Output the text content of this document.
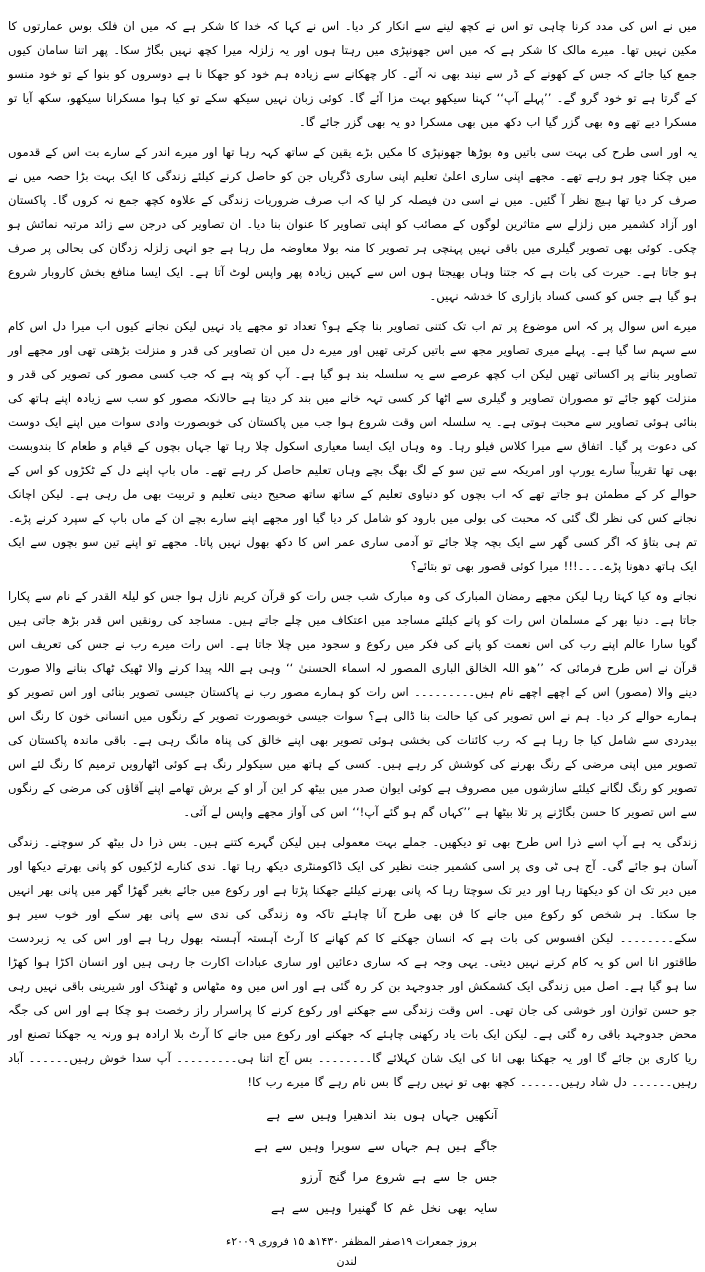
میں نے اس کی مدد کرنا چاہی تو اس نے کچھ لینے سے انکار کر دیا۔ اس نے کہا کہ خدا کا شکر ہے کہ میں ان فلک بوس عمارتوں کا مکین نہیں تھا۔ میرے مالک کا شکر ہے کہ میں اس جھونپڑی میں رہتا ہوں اور یہ زلزلہ میرا کچھ نہیں بگاڑ سکا۔ پھر اتنا سامان کیوں جمع کیا جائے کہ جس کے کھونے کے ڈر سے نیند بھی نہ آئے۔ کار چھکانے سے زیادہ ہم خود کو جھکا نا ہے دوسروں کو بنوا کے تو خود منسو کے گرتا ہے تو خود گرو گے۔ ’’پہلے آپ‘‘ کہنا سیکھو بہت مزا آئے گا۔ کوئی زبان نہیں سیکھ سکے تو کیا ہوا مسکرانا سیکھو، سکھ آیا تو مسکرا دیے تھے وہ بھی گزر گیا اب دکھ میں بھی مسکرا دو یہ بھی گزر جائے گا۔

یہ اور اسی طرح کی بہت سی باتیں وہ بوڑھا جھونپڑی کا مکیں بڑے یقین کے ساتھ کہہ رہا تھا اور میرے اندر کے سارے بت اس کے قدموں میں چکنا چور ہو رہے تھے۔ مجھے اپنی ساری اعلیٰ تعلیم اپنی ساری ڈگریاں جن کو حاصل کرنے کیلئے زندگی کا ایک بہت بڑا حصہ میں نے صرف کر دیا تھا ہیچ نظر آ گئیں۔ میں نے اسی دن فیصلہ کر لیا کہ اب صرف ضروریات زندگی کے علاوہ کچھ جمع نہ کروں گا۔ پاکستان اور آزاد کشمیر میں زلزلے سے متاثرین لوگوں کے مصائب کو اپنی تصاویر کا عنوان بنا دیا۔ ان تصاویر کی درجن سے زائد مرتبہ نمائش ہو چکی۔ کوئی بھی تصویر گیلری میں باقی نہیں پہنچی ہر تصویر کا منہ بولا معاوضہ مل رہا ہے جو انہی زلزلہ زدگان کی بحالی پر صرف ہو جاتا ہے۔ حیرت کی بات ہے کہ جتنا وہاں بھیجتا ہوں اس سے کہیں زیادہ پھر واپس لوٹ آتا ہے۔ ایک ایسا منافع بخش کاروبار شروع ہو گیا ہے جس کو کسی کساد بازاری کا خدشہ نہیں۔

میرے اس سوال پر کہ اس موضوع پر تم اب تک کتنی تصاویر بنا چکے ہو؟ تعداد تو مجھے یاد نہیں لیکن نجانے کیوں اب میرا دل اس کام سے سہم سا گیا ہے۔ پہلے میری تصاویر مجھ سے باتیں کرتی تھیں اور میرے دل میں ان تصاویر کی قدر و منزلت بڑھتی تھی اور مجھے اور تصاویر بنانے پر اکساتی تھیں لیکن اب کچھ عرصے سے یہ سلسلہ بند ہو گیا ہے۔ آپ کو پتہ ہے کہ جب کسی مصور کی تصویر کی قدر و منزلت کھو جائے تو مصوران تصاویر و گیلری سے اٹھا کر کسی تہہ خانے میں بند کر دیتا ہے حالانکہ مصور کو سب سے زیادہ اپنے ہاتھ کی بنائی ہوئی تصاویر سے محبت ہوتی ہے۔ یہ سلسلہ اس وقت شروع ہوا جب میں پاکستان کی خوبصورت وادی سوات میں اپنے ایک دوست کی دعوت پر گیا۔ اتفاق سے میرا کلاس فیلو رہا۔ وہ وہاں ایک ایسا معیاری اسکول چلا رہا تھا جہاں بچوں کے قیام و طعام کا بندوبست بھی تھا تقریباً سارے یورپ اور امریکہ سے تین سو کے لگ بھگ بچے وہاں تعلیم حاصل کر رہے تھے۔ ماں باپ اپنے دل کے ٹکڑوں کو اس کے حوالے کر کے مطمئن ہو جاتے تھے کہ اب بچوں کو دنیاوی تعلیم کے ساتھ ساتھ صحیح دینی تعلیم و تربیت بھی مل رہی ہے۔ لیکن اچانک نجانے کس کی نظر لگ گئی کہ محبت کی بولی میں بارود کو شامل کر دیا گیا اور مجھے اپنے سارے بچے ان کے ماں باپ کے سپرد کرنے پڑے۔ تم ہی بتاؤ کہ اگر کسی گھر سے ایک بچہ چلا جائے تو آدمی ساری عمر اس کا دکھ بھول نہیں پاتا۔ مجھے تو اپنے تین سو بچوں سے ایک ایک ہاتھ دھونا پڑے۔۔۔۔!!! میرا کوئی قصور بھی تو بتائے؟

نجانے وہ کیا کہتا رہا لیکن مجھے رمضان المبارک کی وہ مبارک شب جس رات کو قرآن کریم نازل ہوا جس کو لیلۃ القدر کے نام سے پکارا جاتا ہے۔ دنیا بھر کے مسلمان اس رات کو پانے کیلئے مساجد میں اعتکاف میں چلے جاتے ہیں۔ مساجد کی رونقیں اس قدر بڑھ جاتی ہیں گویا سارا عالم اپنے رب کی اس نعمت کو پانے کی فکر میں رکوع و سجود میں چلا جاتا ہے۔ اس رات میرے رب نے جس کی تعریف اس قرآن نے اس طرح فرمائی کہ ’’ھو اللہ الخالق الباری المصور لہ اسماء الحسنیٰ ‘‘ وہی ہے اللہ پیدا کرنے والا ٹھیک ٹھاک بنانے والا صورت دینے والا (مصور) اس کے اچھے اچھے نام ہیں۔۔۔۔۔۔۔۔۔ اس رات کو ہمارے مصور رب نے پاکستان جیسی تصویر بنائی اور اس تصویر کو ہمارے حوالے کر دیا۔ ہم نے اس تصویر کی کیا حالت بنا ڈالی ہے؟ سوات جیسی خوبصورت تصویر کے رنگوں میں انسانی خون کا رنگ اس بیدردی سے شامل کیا جا رہا ہے کہ رب کائنات کی بخشی ہوئی تصویر بھی اپنے خالق کی پناہ مانگ رہی ہے۔ باقی ماندہ پاکستان کی تصویر میں اپنی مرضی کے رنگ بھرنے کی کوشش کر رہے ہیں۔ کسی کے ہاتھ میں سیکولر رنگ ہے کوئی اٹھارویں ترمیم کا رنگ لئے اس تصویر کو رنگ لگانے کیلئے سازشوں میں مصروف ہے کوئی ایوان صدر میں بیٹھ کر این آر او کے برش تھامے اپنے آقاؤں کی مرضی کے رنگوں سے اس تصویر کا حسن بگاڑنے پر تلا بیٹھا ہے ’’کہاں گم ہو گئے آپ!‘‘ اس کی آواز مجھے واپس لے آئی۔

زندگی یہ ہے آپ اسے ذرا اس طرح بھی تو دیکھیں۔ جملے بہت معمولی ہیں لیکن گہرے کتنے ہیں۔ بس ذرا دل بیٹھ کر سوچنے۔ زندگی آسان ہو جائے گی۔ آج ہی ٹی وی پر اسی کشمیر جنت نظیر کی ایک ڈاکومنٹری دیکھ رہا تھا۔ ندی کنارے لڑکیوں کو پانی بھرتے دیکھا اور میں دیر تک ان کو دیکھتا رہا اور دیر تک سوچتا رہا کہ پانی بھرنے کیلئے جھکنا پڑتا ہے اور رکوع میں جائے بغیر گھڑا گھر میں پانی بھر انہیں جا سکتا۔ ہر شخص کو رکوع میں جانے کا فن بھی طرح آنا چاہئے تاکہ وہ زندگی کی ندی سے پانی بھر سکے اور خوب سیر ہو سکے۔۔۔۔۔۔۔۔ لیکن افسوس کی بات ہے کہ انسان جھکنے کا کم کھانے کا آرٹ آہستہ آہستہ بھول رہا ہے اور اس کی یہ زبردست طاقتور انا اس کو یہ کام کرنے نہیں دیتی۔ یہی وجہ ہے کہ ساری دعائیں اور ساری عبادات اکارت جا رہی ہیں اور انسان اکڑا ہوا کھڑا سا ہو گیا ہے۔ اصل میں زندگی ایک کشمکش اور جدوجہد بن کر رہ گئی ہے اور اس میں وہ مٹھاس و ٹھنڈک اور شیرینی باقی نہیں رہی جو حسن توازن اور خوشی کی جان تھی۔ اس وقت زندگی سے جھکنے اور رکوع کرنے کا پراسرار راز رخصت ہو چکا ہے اور اس کی جگہ محض جدوجہد باقی رہ گئی ہے۔ لیکن ایک بات یاد رکھنی چاہئے کہ جھکنے اور رکوع میں جانے کا آرٹ بلا ارادہ ہو ورنہ یہ جھکنا تصنع اور ریا کاری بن جائے گا اور یہ جھکنا بھی انا کی ایک شان کہلائے گا۔۔۔۔۔۔۔۔ بس آج اتنا ہی۔۔۔۔۔۔۔۔۔ آپ سدا خوش رہیں۔۔۔۔۔۔ آباد رہیں۔۔۔۔۔۔ دل شاد رہیں۔۔۔۔۔۔ کچھ بھی تو نہیں رہے گا بس نام رہے گا میرے رب کا!

آنکھیں جہاں ہوں بند اندھیرا وہیں سے ہے
جاگے ہیں ہم جہاں سے سویرا وہیں سے ہے
جس جا سے ہے شروع مرا گنج آرزو
سایہ بھی نخل غم کا گھنیرا وہیں سے ہے
بروز جمعرات ۱۹صفر المظفر ۱۴۳۰ھ ۱۵ فروری ۲۰۰۹ء
لندن
